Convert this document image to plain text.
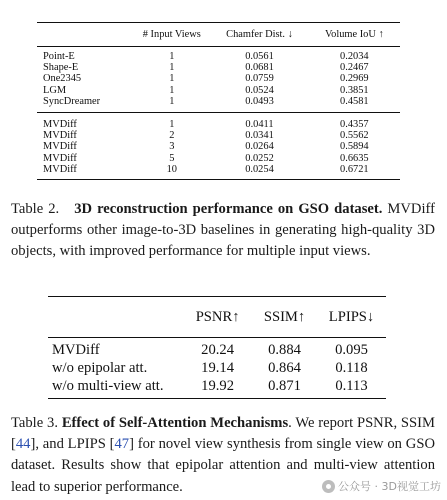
	# Input Views	Chamfer Dist. ↓	Volume IoU ↑
Point-E	1	0.0561	0.2034
Shape-E	1	0.0681	0.2467
One2345	1	0.0759	0.2969
LGM	1	0.0524	0.3851
SyncDreamer	1	0.0493	0.4581
MVDiff	1	0.0411	0.4357
MVDiff	2	0.0341	0.5562
MVDiff	3	0.0264	0.5894
MVDiff	5	0.0252	0.6635
MVDiff	10	0.0254	0.6721
Table 2. 3D reconstruction performance on GSO dataset. MVDiff outperforms other image-to-3D baselines in generating high-quality 3D objects, with improved performance for multiple input views.
	PSNR↑	SSIM↑	LPIPS↓
MVDiff	20.24	0.884	0.095
w/o epipolar att.	19.14	0.864	0.118
w/o multi-view att.	19.92	0.871	0.113
Table 3. Effect of Self-Attention Mechanisms. We report PSNR, SSIM [44], and LPIPS [47] for novel view synthesis from single view on GSO dataset. Results show that epipolar attention and multi-view attention lead to superior performance.	公众号 · 3D视觉工坊
